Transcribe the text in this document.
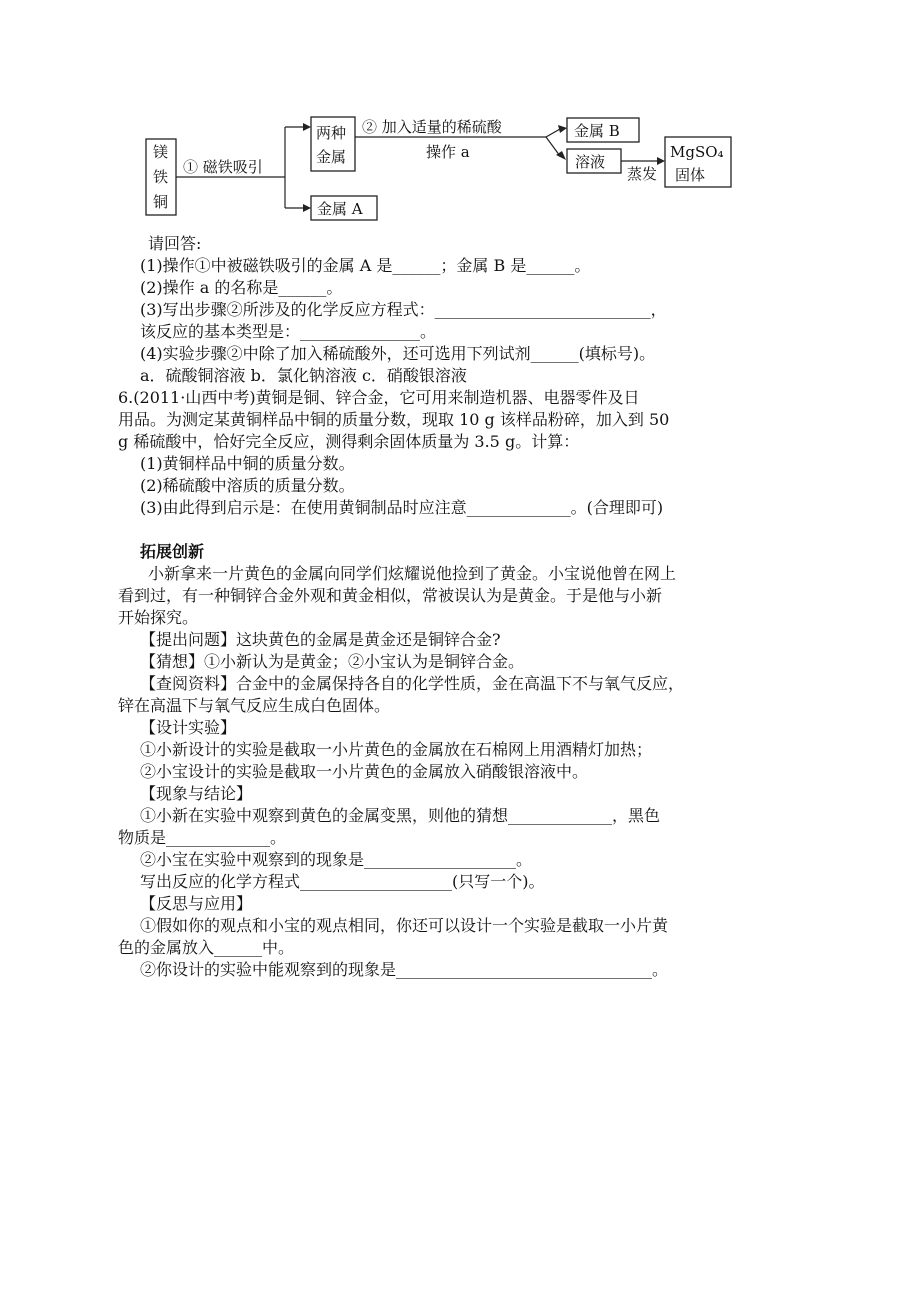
镁
铁
铜
① 磁铁吸引
两种
金属
金属 A
② 加入适量的稀硫酸
操作 a
金属 B
溶液
蒸发
MgSO₄
固体
请回答:
(1)操作①中被磁铁吸引的金属 A 是______；金属 B 是______。
(2)操作 a 的名称是______。
(3)写出步骤②所涉及的化学反应方程式：___________________________，
该反应的基本类型是：_______________。
(4)实验步骤②中除了加入稀硫酸外，还可选用下列试剂______(填标号)。
a．硫酸铜溶液 b．氯化钠溶液 c．硝酸银溶液
6.(2011·山西中考)黄铜是铜、锌合金，它可用来制造机器、电器零件及日
用品。为测定某黄铜样品中铜的质量分数，现取 10 g 该样品粉碎，加入到 50
g 稀硫酸中，恰好完全反应，测得剩余固体质量为 3.5 g。计算：
(1)黄铜样品中铜的质量分数。
(2)稀硫酸中溶质的质量分数。
(3)由此得到启示是：在使用黄铜制品时应注意_____________。(合理即可)
拓展创新
小新拿来一片黄色的金属向同学们炫耀说他捡到了黄金。小宝说他曾在网上
看到过，有一种铜锌合金外观和黄金相似，常被误认为是黄金。于是他与小新
开始探究。
【提出问题】这块黄色的金属是黄金还是铜锌合金?
【猜想】①小新认为是黄金；②小宝认为是铜锌合金。
【查阅资料】合金中的金属保持各自的化学性质，金在高温下不与氧气反应，
锌在高温下与氧气反应生成白色固体。
【设计实验】
①小新设计的实验是截取一小片黄色的金属放在石棉网上用酒精灯加热；
②小宝设计的实验是截取一小片黄色的金属放入硝酸银溶液中。
【现象与结论】
①小新在实验中观察到黄色的金属变黑，则他的猜想_____________，黑色
物质是_____________。
②小宝在实验中观察到的现象是___________________。
写出反应的化学方程式___________________(只写一个)。
【反思与应用】
①假如你的观点和小宝的观点相同，你还可以设计一个实验是截取一小片黄
色的金属放入______中。
②你设计的实验中能观察到的现象是________________________________。
